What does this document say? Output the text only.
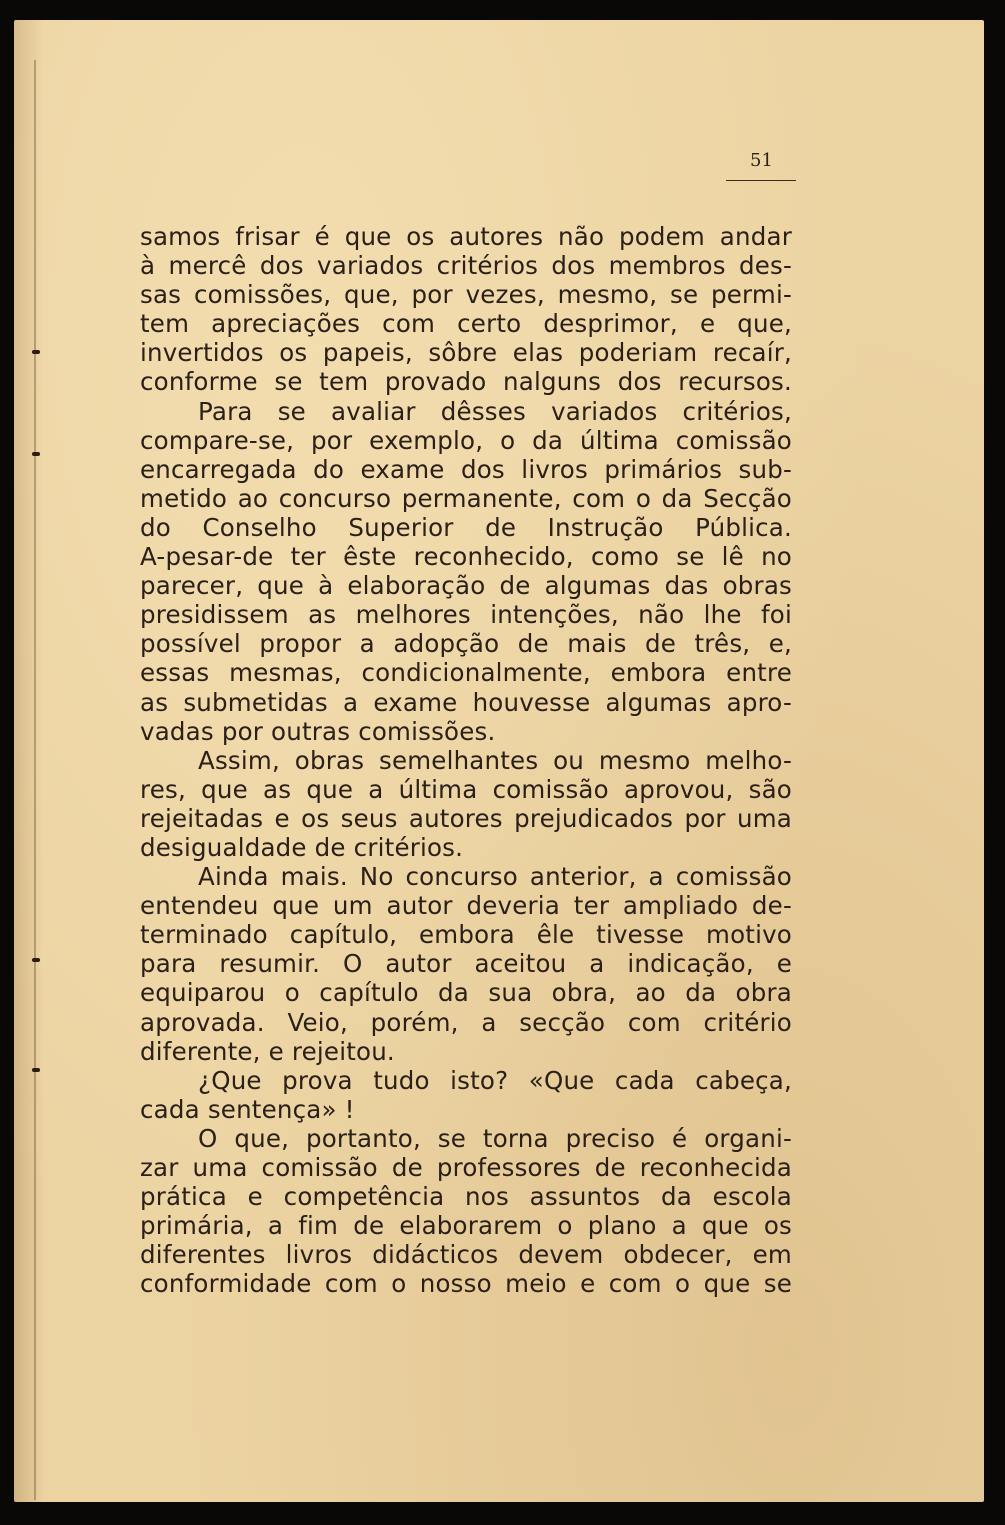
51
samos frisar é que os autores não podem andar
à mercê dos variados critérios dos membros des-
sas comissões, que, por vezes, mesmo, se permi-
tem apreciações com certo desprimor, e que,
invertidos os papeis, sôbre elas poderiam recaír,
conforme se tem provado nalguns dos recursos.
Para se avaliar dêsses variados critérios,
compare-se, por exemplo, o da última comissão
encarregada do exame dos livros primários sub-
metido ao concurso permanente, com o da Secção
do Conselho Superior de Instrução Pública.
A-pesar-de ter êste reconhecido, como se lê no
parecer, que à elaboração de algumas das obras
presidissem as melhores intenções, não lhe foi
possível propor a adopção de mais de três, e,
essas mesmas, condicionalmente, embora entre
as submetidas a exame houvesse algumas apro-
vadas por outras comissões.
Assim, obras semelhantes ou mesmo melho-
res, que as que a última comissão aprovou, são
rejeitadas e os seus autores prejudicados por uma
desigualdade de critérios.
Ainda mais. No concurso anterior, a comissão
entendeu que um autor deveria ter ampliado de-
terminado capítulo, embora êle tivesse motivo
para resumir. O autor aceitou a indicação, e
equiparou o capítulo da sua obra, ao da obra
aprovada. Veio, porém, a secção com critério
diferente, e rejeitou.
¿Que prova tudo isto? «Que cada cabeça,
cada sentença» !
O que, portanto, se torna preciso é organi-
zar uma comissão de professores de reconhecida
prática e competência nos assuntos da escola
primária, a fim de elaborarem o plano a que os
diferentes livros didácticos devem obdecer, em
conformidade com o nosso meio e com o que se
